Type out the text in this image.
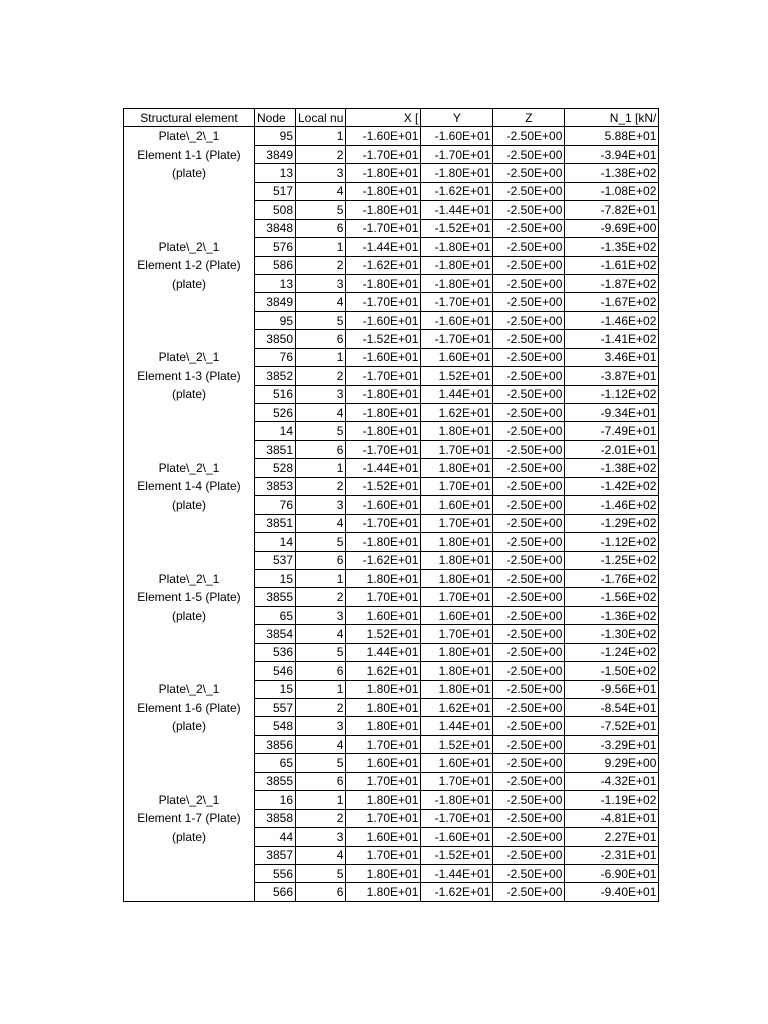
Structural element	Node	Local nu	X [	Y	Z	N_1 [kN/
Plate\_2\_1	95	1	-1.60E+01	-1.60E+01	-2.50E+00	5.88E+01
Element 1-1 (Plate)	3849	2	-1.70E+01	-1.70E+01	-2.50E+00	-3.94E+01
(plate)	13	3	-1.80E+01	-1.80E+01	-2.50E+00	-1.38E+02
	517	4	-1.80E+01	-1.62E+01	-2.50E+00	-1.08E+02
	508	5	-1.80E+01	-1.44E+01	-2.50E+00	-7.82E+01
	3848	6	-1.70E+01	-1.52E+01	-2.50E+00	-9.69E+00
Plate\_2\_1	576	1	-1.44E+01	-1.80E+01	-2.50E+00	-1.35E+02
Element 1-2 (Plate)	586	2	-1.62E+01	-1.80E+01	-2.50E+00	-1.61E+02
(plate)	13	3	-1.80E+01	-1.80E+01	-2.50E+00	-1.87E+02
	3849	4	-1.70E+01	-1.70E+01	-2.50E+00	-1.67E+02
	95	5	-1.60E+01	-1.60E+01	-2.50E+00	-1.46E+02
	3850	6	-1.52E+01	-1.70E+01	-2.50E+00	-1.41E+02
Plate\_2\_1	76	1	-1.60E+01	1.60E+01	-2.50E+00	3.46E+01
Element 1-3 (Plate)	3852	2	-1.70E+01	1.52E+01	-2.50E+00	-3.87E+01
(plate)	516	3	-1.80E+01	1.44E+01	-2.50E+00	-1.12E+02
	526	4	-1.80E+01	1.62E+01	-2.50E+00	-9.34E+01
	14	5	-1.80E+01	1.80E+01	-2.50E+00	-7.49E+01
	3851	6	-1.70E+01	1.70E+01	-2.50E+00	-2.01E+01
Plate\_2\_1	528	1	-1.44E+01	1.80E+01	-2.50E+00	-1.38E+02
Element 1-4 (Plate)	3853	2	-1.52E+01	1.70E+01	-2.50E+00	-1.42E+02
(plate)	76	3	-1.60E+01	1.60E+01	-2.50E+00	-1.46E+02
	3851	4	-1.70E+01	1.70E+01	-2.50E+00	-1.29E+02
	14	5	-1.80E+01	1.80E+01	-2.50E+00	-1.12E+02
	537	6	-1.62E+01	1.80E+01	-2.50E+00	-1.25E+02
Plate\_2\_1	15	1	1.80E+01	1.80E+01	-2.50E+00	-1.76E+02
Element 1-5 (Plate)	3855	2	1.70E+01	1.70E+01	-2.50E+00	-1.56E+02
(plate)	65	3	1.60E+01	1.60E+01	-2.50E+00	-1.36E+02
	3854	4	1.52E+01	1.70E+01	-2.50E+00	-1.30E+02
	536	5	1.44E+01	1.80E+01	-2.50E+00	-1.24E+02
	546	6	1.62E+01	1.80E+01	-2.50E+00	-1.50E+02
Plate\_2\_1	15	1	1.80E+01	1.80E+01	-2.50E+00	-9.56E+01
Element 1-6 (Plate)	557	2	1.80E+01	1.62E+01	-2.50E+00	-8.54E+01
(plate)	548	3	1.80E+01	1.44E+01	-2.50E+00	-7.52E+01
	3856	4	1.70E+01	1.52E+01	-2.50E+00	-3.29E+01
	65	5	1.60E+01	1.60E+01	-2.50E+00	9.29E+00
	3855	6	1.70E+01	1.70E+01	-2.50E+00	-4.32E+01
Plate\_2\_1	16	1	1.80E+01	-1.80E+01	-2.50E+00	-1.19E+02
Element 1-7 (Plate)	3858	2	1.70E+01	-1.70E+01	-2.50E+00	-4.81E+01
(plate)	44	3	1.60E+01	-1.60E+01	-2.50E+00	2.27E+01
	3857	4	1.70E+01	-1.52E+01	-2.50E+00	-2.31E+01
	556	5	1.80E+01	-1.44E+01	-2.50E+00	-6.90E+01
	566	6	1.80E+01	-1.62E+01	-2.50E+00	-9.40E+01
